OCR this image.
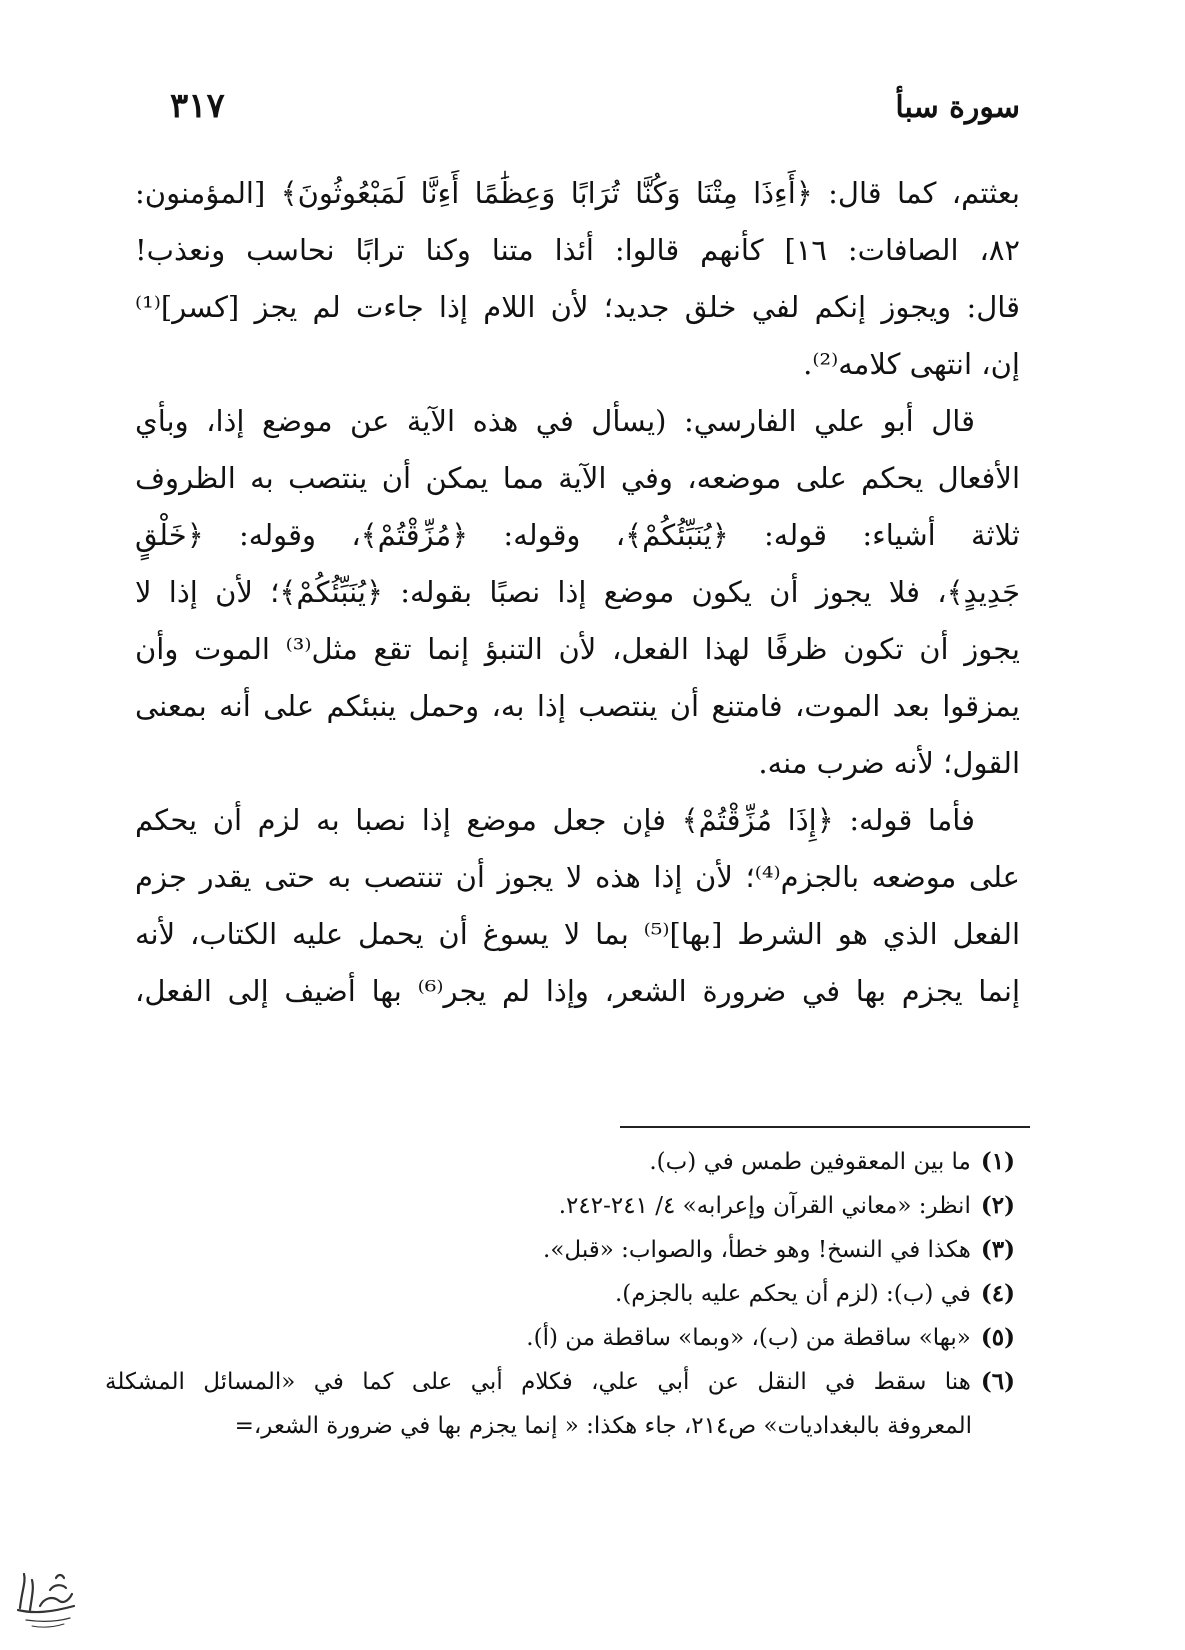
سورة سبأ
٣١٧

بعثتم، كما قال: ﴿أَءِذَا مِتْنَا وَكُنَّا تُرَابًا وَعِظَٰمًا أَءِنَّا لَمَبْعُوثُونَ﴾ [المؤمنون:
٨٢، الصافات: ١٦] كأنهم قالوا: أئذا متنا وكنا ترابًا نحاسب ونعذب!
قال: ويجوز إنكم لفي خلق جديد؛ لأن اللام إذا جاءت لم يجز [كسر]⁽¹⁾
إن، انتهى كلامه⁽²⁾.

قال أبو علي الفارسي: (يسأل في هذه الآية عن موضع إذا، وبأي
الأفعال يحكم على موضعه، وفي الآية مما يمكن أن ينتصب به الظروف
ثلاثة أشياء: قوله: ﴿يُنَبِّئُكُمْ﴾، وقوله: ﴿مُزِّقْتُمْ﴾، وقوله: ﴿خَلْقٍ
جَدِيدٍ﴾، فلا يجوز أن يكون موضع إذا نصبًا بقوله: ﴿يُنَبِّئُكُمْ﴾؛ لأن إذا لا
يجوز أن تكون ظرفًا لهذا الفعل، لأن التنبؤ إنما تقع مثل⁽³⁾ الموت وأن
يمزقوا بعد الموت، فامتنع أن ينتصب إذا به، وحمل ينبئكم على أنه بمعنى
القول؛ لأنه ضرب منه.

فأما قوله: ﴿إِذَا مُزِّقْتُمْ﴾ فإن جعل موضع إذا نصبا به لزم أن يحكم
على موضعه بالجزم⁽⁴⁾؛ لأن إذا هذه لا يجوز أن تنتصب به حتى يقدر جزم
الفعل الذي هو الشرط [بها]⁽⁵⁾ بما لا يسوغ أن يحمل عليه الكتاب، لأنه
إنما يجزم بها في ضرورة الشعر، وإذا لم يجر⁽⁶⁾ بها أضيف إلى الفعل،

(١)ما بين المعقوفين طمس في (ب).
(٢)انظر: «معاني القرآن وإعرابه» ٤/ ٢٤١-٢٤٢.
(٣)هكذا في النسخ! وهو خطأ، والصواب: «قبل».
(٤)في (ب): (لزم أن يحكم عليه بالجزم).
(٥)«بها» ساقطة من (ب)، «وبما» ساقطة من (أ).
(٦)هنا سقط في النقل عن أبي علي، فكلام أبي على كما في «المسائل المشكلة
المعروفة بالبغداديات» ص٢١٤، جاء هكذا: « إنما يجزم بها في ضرورة الشعر،=
